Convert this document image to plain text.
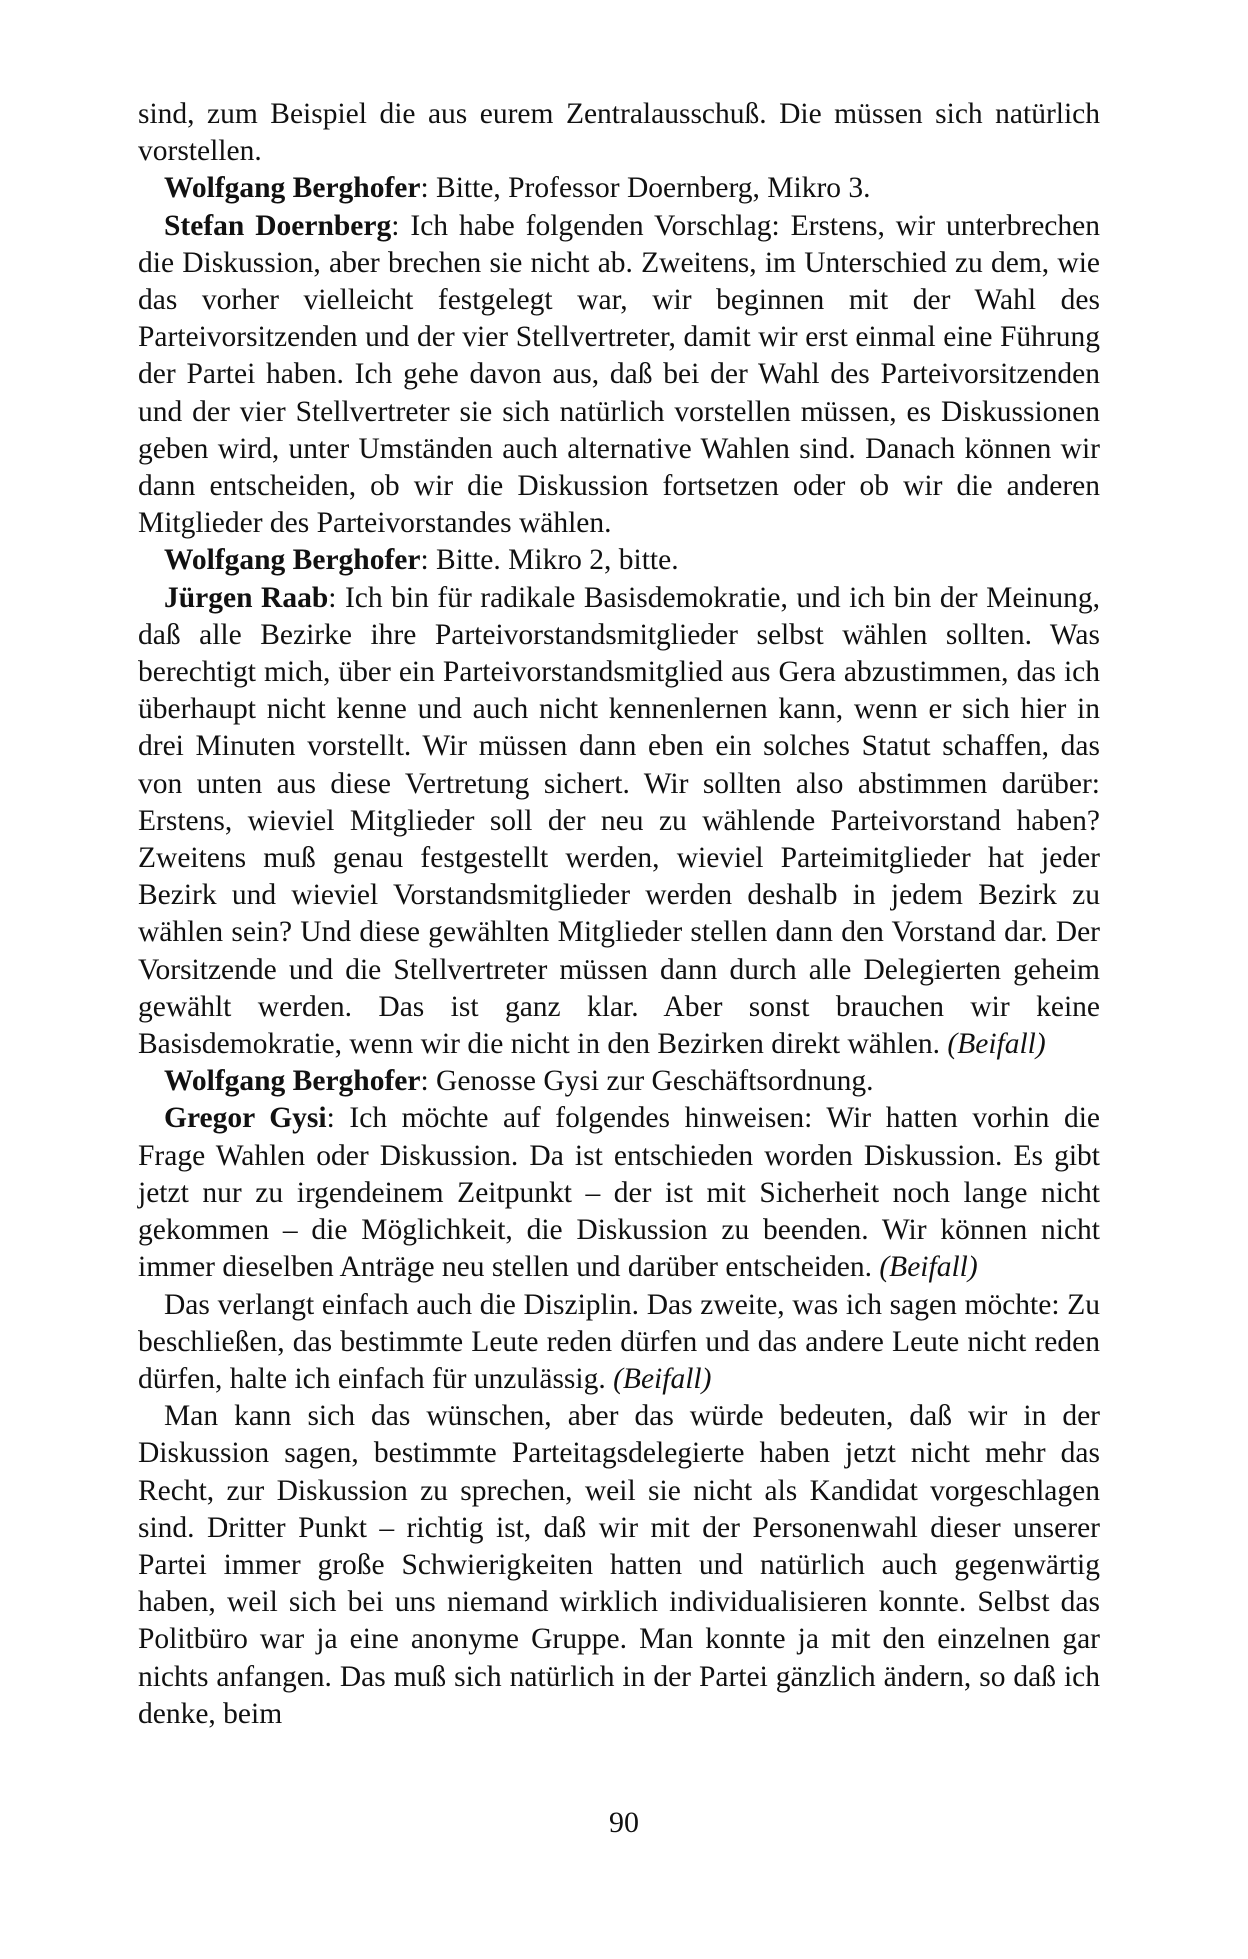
sind, zum Beispiel die aus eurem Zentralausschuß. Die müssen sich natürlich vorstellen.

Wolfgang Berghofer: Bitte, Professor Doernberg, Mikro 3.

Stefan Doernberg: Ich habe folgenden Vorschlag: Erstens, wir unterbrechen die Diskussion, aber brechen sie nicht ab. Zweitens, im Unterschied zu dem, wie das vorher vielleicht festgelegt war, wir beginnen mit der Wahl des Parteivorsitzenden und der vier Stellvertreter, damit wir erst einmal eine Führung der Partei haben. Ich gehe davon aus, daß bei der Wahl des Parteivorsitzenden und der vier Stellvertreter sie sich natürlich vorstellen müssen, es Diskussionen geben wird, unter Umständen auch alternative Wahlen sind. Danach können wir dann entscheiden, ob wir die Diskussion fortsetzen oder ob wir die anderen Mitglieder des Parteivorstandes wählen.

Wolfgang Berghofer: Bitte. Mikro 2, bitte.

Jürgen Raab: Ich bin für radikale Basisdemokratie, und ich bin der Meinung, daß alle Bezirke ihre Parteivorstandsmitglieder selbst wählen sollten. Was berechtigt mich, über ein Parteivorstandsmitglied aus Gera abzustimmen, das ich überhaupt nicht kenne und auch nicht kennenlernen kann, wenn er sich hier in drei Minuten vorstellt. Wir müssen dann eben ein solches Statut schaffen, das von unten aus diese Vertretung sichert. Wir sollten also abstimmen darüber: Erstens, wieviel Mitglieder soll der neu zu wählende Parteivorstand haben? Zweitens muß genau festgestellt werden, wieviel Parteimitglieder hat jeder Bezirk und wieviel Vorstandsmitglieder werden deshalb in jedem Bezirk zu wählen sein? Und diese gewählten Mitglieder stellen dann den Vorstand dar. Der Vorsitzende und die Stellvertreter müssen dann durch alle Delegierten geheim gewählt werden. Das ist ganz klar. Aber sonst brauchen wir keine Basisdemokratie, wenn wir die nicht in den Bezirken direkt wählen. (Beifall)

Wolfgang Berghofer: Genosse Gysi zur Geschäftsordnung.

Gregor Gysi: Ich möchte auf folgendes hinweisen: Wir hatten vorhin die Frage Wahlen oder Diskussion. Da ist entschieden worden Diskussion. Es gibt jetzt nur zu irgendeinem Zeitpunkt – der ist mit Sicherheit noch lange nicht gekommen – die Möglichkeit, die Diskussion zu beenden. Wir können nicht immer dieselben Anträge neu stellen und darüber entscheiden. (Beifall)

Das verlangt einfach auch die Disziplin. Das zweite, was ich sagen möchte: Zu beschließen, das bestimmte Leute reden dürfen und das andere Leute nicht reden dürfen, halte ich einfach für unzulässig. (Beifall)

Man kann sich das wünschen, aber das würde bedeuten, daß wir in der Diskussion sagen, bestimmte Parteitagsdelegierte haben jetzt nicht mehr das Recht, zur Diskussion zu sprechen, weil sie nicht als Kandidat vorgeschlagen sind. Dritter Punkt – richtig ist, daß wir mit der Personenwahl dieser unserer Partei immer große Schwierigkeiten hatten und natürlich auch gegenwärtig haben, weil sich bei uns niemand wirklich individualisieren konnte. Selbst das Politbüro war ja eine anonyme Gruppe. Man konnte ja mit den einzelnen gar nichts anfangen. Das muß sich natürlich in der Partei gänzlich ändern, so daß ich denke, beim

90
